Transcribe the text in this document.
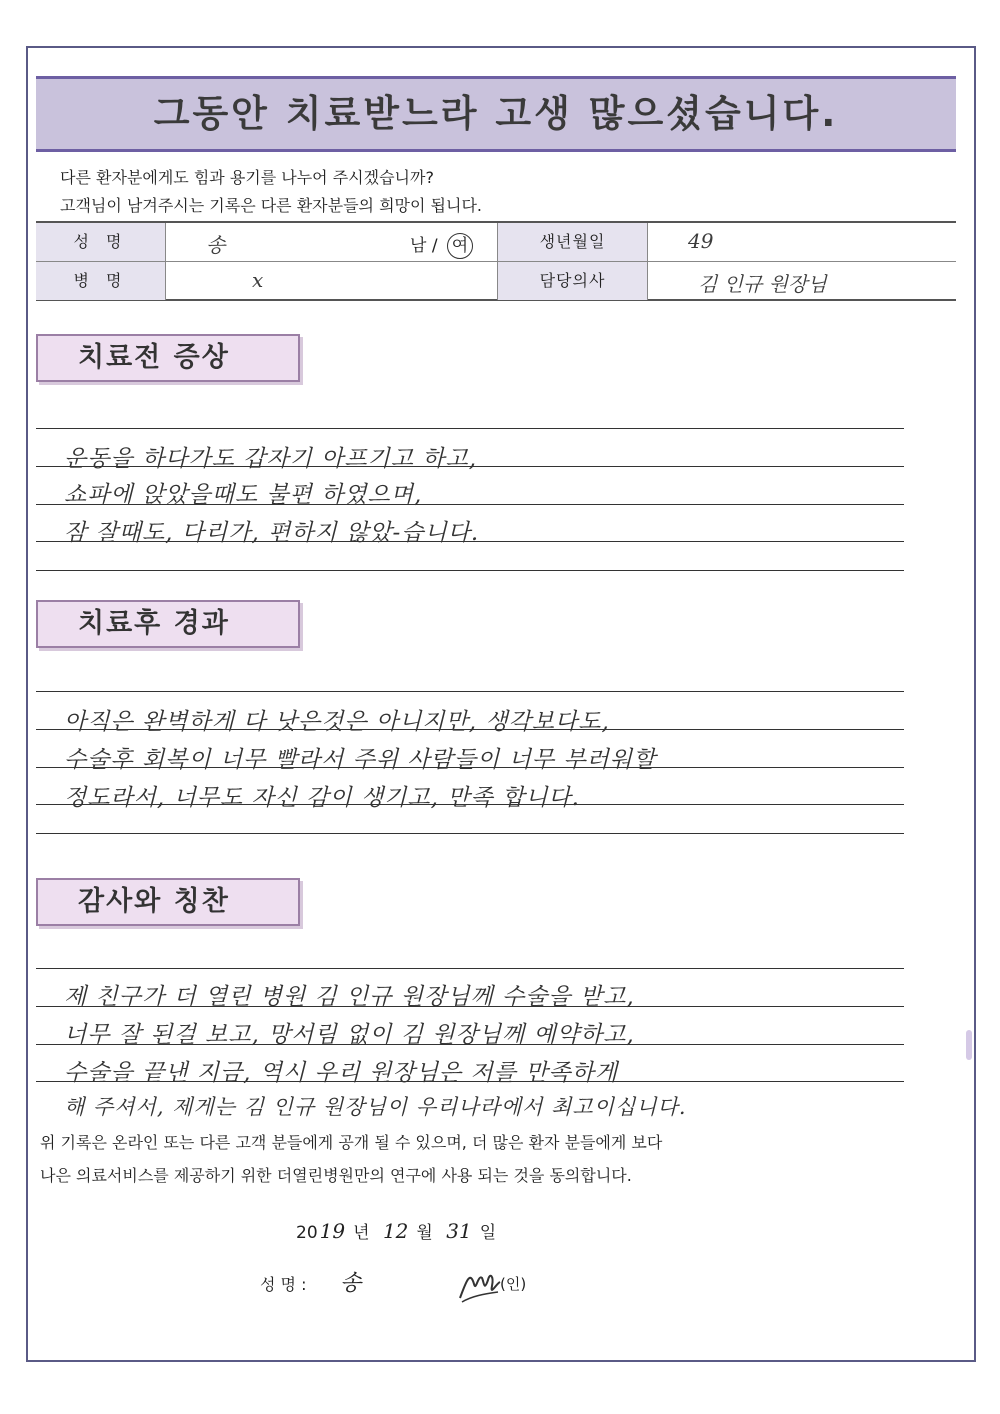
그동안 치료받느라 고생 많으셨습니다.
다른 환자분에게도 힘과 용기를 나누어 주시겠습니까?
고객님이 남겨주시는 기록은 다른 환자분들의 희망이 됩니다.
성 명	송	남 / 여	생년월일	49
병 명	x	담당의사	김 인규 원장님
치료전 증상
운동을 하다가도 갑자기 아프기고 하고,
쇼파에 앉았을때도 불편 하였으며,
잠 잘때도, 다리가, 편하지 않았-습니다.
치료후 경과
아직은 완벽하게 다 낫은것은 아니지만, 생각보다도,
수술후 회복이 너무 빨라서 주위 사람들이 너무 부러워할
정도라서, 너무도 자신 감이 생기고, 만족 합니다.
감사와 칭찬
제 친구가 더 열린 병원 김 인규 원장님께 수술을 받고,
너무 잘 된걸 보고, 망서림 없이 김 원장님께 예약하고,
수술을 끝낸 지금, 역시 우리 원장님은 저를 만족하게
해 주셔서, 제게는 김 인규 원장님이 우리나라에서 최고이십니다.
위 기록은 온라인 또는 다른 고객 분들에게 공개 될 수 있으며, 더 많은 환자 분들에게 보다
나은 의료서비스를 제공하기 위한 더열린병원만의 연구에 사용 되는 것을 동의합니다.
20 19 년 12 월 31 일
성 명 : 송	(인)
